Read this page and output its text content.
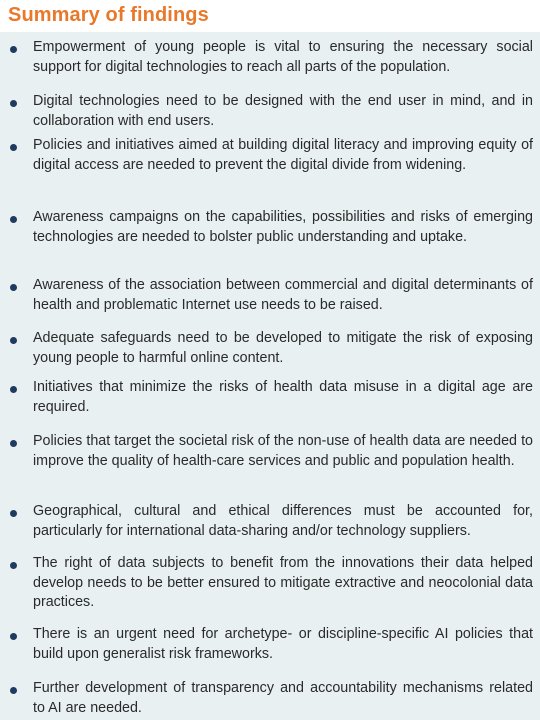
Summary of findings
Empowerment of young people is vital to ensuring the necessary social support for digital technologies to reach all parts of the population.
Digital technologies need to be designed with the end user in mind, and in collaboration with end users.
Policies and initiatives aimed at building digital literacy and improving equity of digital access are needed to prevent the digital divide from widening.
Awareness campaigns on the capabilities, possibilities and risks of emerging technologies are needed to bolster public understanding and uptake.
Awareness of the association between commercial and digital determinants of health and problematic Internet use needs to be raised.
Adequate safeguards need to be developed to mitigate the risk of exposing young people to harmful online content.
Initiatives that minimize the risks of health data misuse in a digital age are required.
Policies that target the societal risk of the non-use of health data are needed to improve the quality of health-care services and public and population health.
Geographical, cultural and ethical differences must be accounted for, particularly for international data-sharing and/or technology suppliers.
The right of data subjects to benefit from the innovations their data helped develop needs to be better ensured to mitigate extractive and neocolonial data practices.
There is an urgent need for archetype- or discipline-specific AI policies that build upon generalist risk frameworks.
Further development of transparency and accountability mechanisms related to AI are needed.
